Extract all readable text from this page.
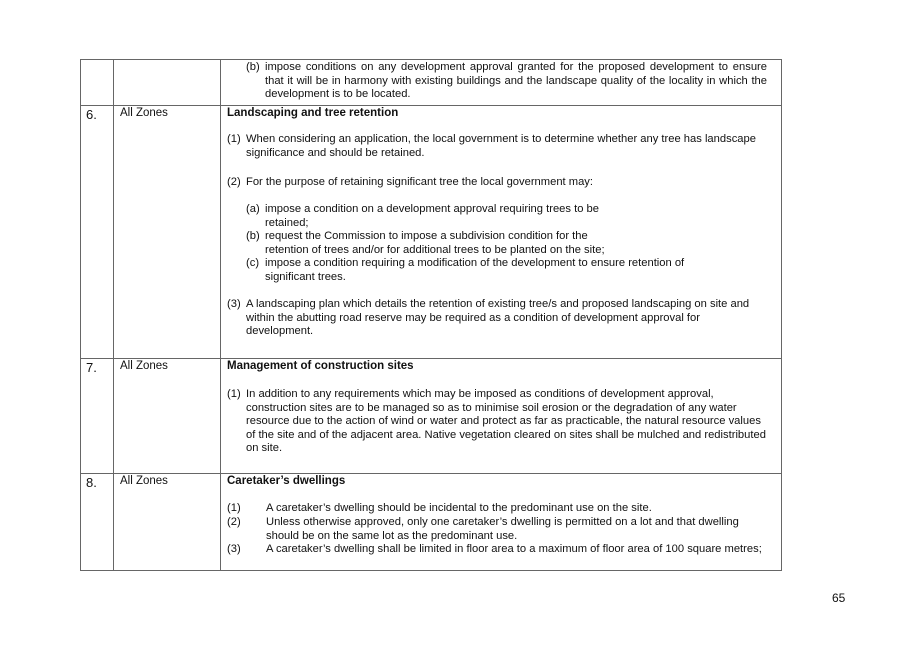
(b) impose conditions on any development approval granted for the proposed development to ensure that it will be in harmony with existing buildings and the landscape quality of the locality in which the development is to be located.
6. All Zones	Landscaping and tree retention
(1) When considering an application, the local government is to determine whether any tree has landscape significance and should be retained.
(2) For the purpose of retaining significant tree the local government may:
(a) impose a condition on a development approval requiring trees to be retained;
(b) request the Commission to impose a subdivision condition for the retention of trees and/or for additional trees to be planted on the site;
(c) impose a condition requiring a modification of the development to ensure retention of significant trees.
(3) A landscaping plan which details the retention of existing tree/s and proposed landscaping on site and within the abutting road reserve may be required as a condition of development approval for development.
7. All Zones	Management of construction sites
(1) In addition to any requirements which may be imposed as conditions of development approval, construction sites are to be managed so as to minimise soil erosion or the degradation of any water resource due to the action of wind or water and protect as far as practicable, the natural resource values of the site and of the adjacent area. Native vegetation cleared on sites shall be mulched and redistributed on site.
8. All Zones	Caretaker’s dwellings
(1) A caretaker’s dwelling should be incidental to the predominant use on the site.
(2) Unless otherwise approved, only one caretaker’s dwelling is permitted on a lot and that dwelling should be on the same lot as the predominant use.
(3) A caretaker’s dwelling shall be limited in floor area to a maximum of floor area of 100 square metres;
65
